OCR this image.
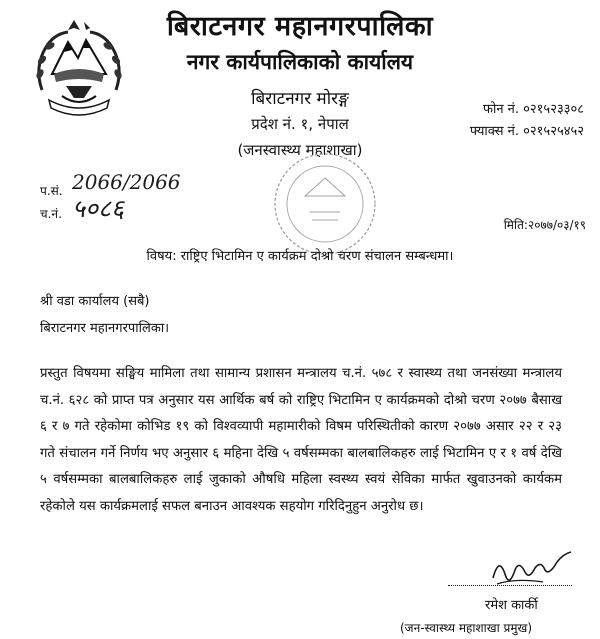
बिराटनगर महानगरपालिका
नगर कार्यपालिकाको कार्यालय
बिराटनगर मोरङ्ग
प्रदेश नं. १, नेपाल
(जनस्वास्थ्य महाशाखा)
फोन नं. ०२१५२३३०८
फ्याक्स नं. ०२१५२५४५२
प.सं. 2066/2066
च.नं. ५०८६
मिति:२०७७/०३/१९
विषय: राष्ट्रिए भिटामिन ए कार्यक्रम दोश्रो चरण संचालन सम्बन्धमा।
श्री वडा कार्यालय (सबै)
बिराटनगर महानगरपालिका।
प्रस्तुत विषयमा सङ्घिय मामिला तथा सामान्य प्रशासन मन्त्रालय च.नं. ५७८ र स्वास्थ्य तथा जनसंख्या मन्त्रालय च.नं. ६२८ को प्राप्त पत्र अनुसार यस आर्थिक बर्ष को राष्ट्रिए भिटामिन ए कार्यक्रमको दोश्रो चरण २०७७ बैसाख ६ र ७ गते रहेकोमा कोभिड १९ को विश्वव्यापी महामारीको विषम परिस्थितीको कारण २०७७ असार २२ र २३ गते संचालन गर्ने निर्णय भए अनुसार ६ महिना देखि ५ वर्षसम्मका बालबालिकहरु लाई भिटामिन ए र १ वर्ष देखि ५ वर्षसम्मका बालबालिकहरु लाई जुकाको औषधि महिला स्वस्थ्य स्वयं सेविका मार्फत खुवाउनको कार्यकम रहेकोले यस कार्यक्रमलाई सफल बनाउन आवश्यक सहयोग गरिदिनुहुन अनुरोध छ।
रमेश कार्की
(जन-स्वास्थ्य महाशाखा प्रमुख)
